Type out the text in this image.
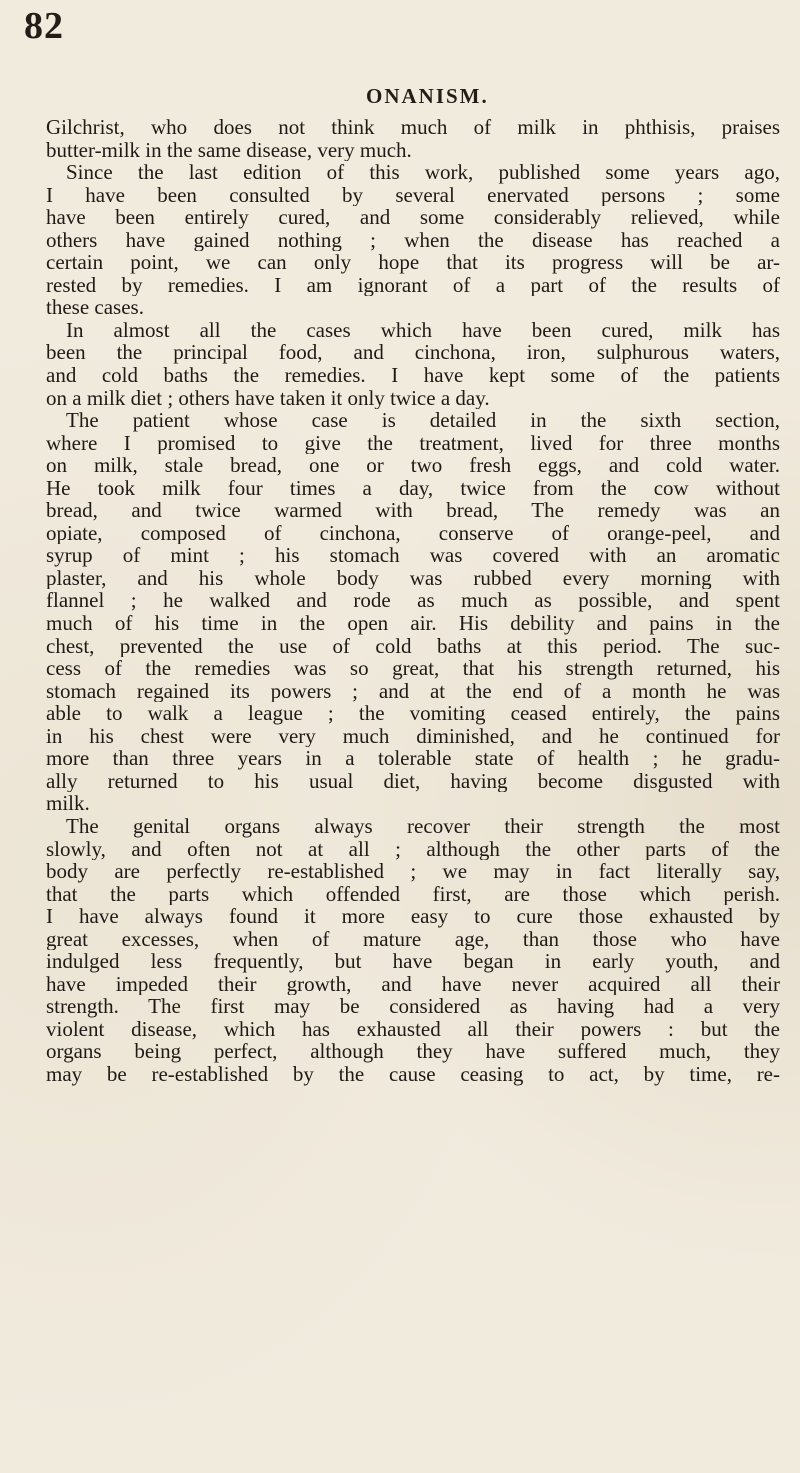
82
ONANISM.
Gilchrist, who does not think much of milk in phthisis, praises
butter-milk in the same disease, very much.
Since the last edition of this work, published some years ago,
I have been consulted by several enervated persons ; some
have been entirely cured, and some considerably relieved, while
others have gained nothing ; when the disease has reached a
certain point, we can only hope that its progress will be ar-
rested by remedies. I am ignorant of a part of the results of
these cases.
In almost all the cases which have been cured, milk has
been the principal food, and cinchona, iron, sulphurous waters,
and cold baths the remedies. I have kept some of the patients
on a milk diet ; others have taken it only twice a day.
The patient whose case is detailed in the sixth section,
where I promised to give the treatment, lived for three months
on milk, stale bread, one or two fresh eggs, and cold water.
He took milk four times a day, twice from the cow without
bread, and twice warmed with bread, The remedy was an
opiate, composed of cinchona, conserve of orange-peel, and
syrup of mint ; his stomach was covered with an aromatic
plaster, and his whole body was rubbed every morning with
flannel ; he walked and rode as much as possible, and spent
much of his time in the open air. His debility and pains in the
chest, prevented the use of cold baths at this period. The suc-
cess of the remedies was so great, that his strength returned, his
stomach regained its powers ; and at the end of a month he was
able to walk a league ; the vomiting ceased entirely, the pains
in his chest were very much diminished, and he continued for
more than three years in a tolerable state of health ; he gradu-
ally returned to his usual diet, having become disgusted with
milk.
The genital organs always recover their strength the most
slowly, and often not at all ; although the other parts of the
body are perfectly re-established ; we may in fact literally say,
that the parts which offended first, are those which perish.
I have always found it more easy to cure those exhausted by
great excesses, when of mature age, than those who have
indulged less frequently, but have began in early youth, and
have impeded their growth, and have never acquired all their
strength. The first may be considered as having had a very
violent disease, which has exhausted all their powers : but the
organs being perfect, although they have suffered much, they
may be re-established by the cause ceasing to act, by time, re-
